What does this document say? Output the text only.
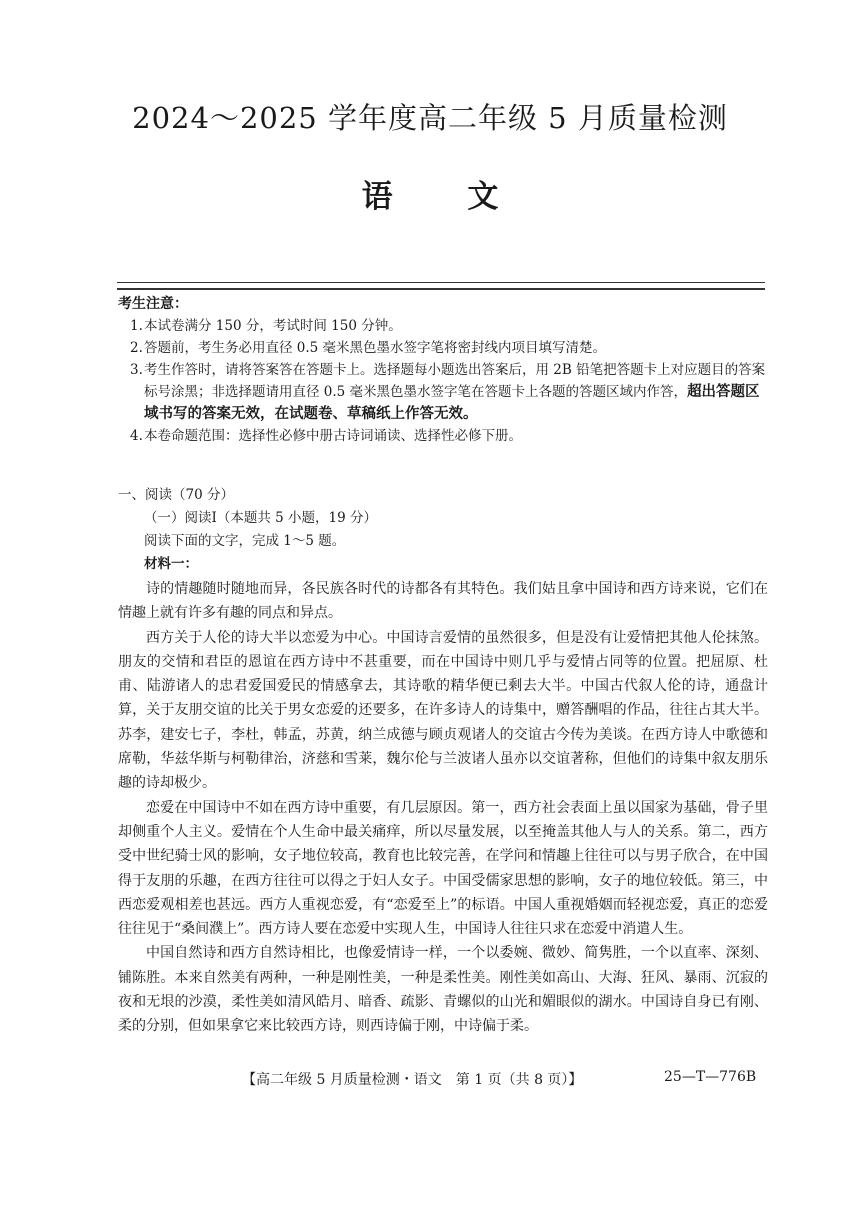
2024～2025 学年度高二年级 5 月质量检测
语 文
考生注意：

1.本试卷满分 150 分，考试时间 150 分钟。

2.答题前，考生务必用直径 0.5 毫米黑色墨水签字笔将密封线内项目填写清楚。

3.考生作答时，请将答案答在答题卡上。选择题每小题选出答案后，用 2B 铅笔把答题卡上对应题目的答案标号涂黑；非选择题请用直径 0.5 毫米黑色墨水签字笔在答题卡上各题的答题区域内作答，超出答题区域书写的答案无效，在试题卷、草稿纸上作答无效。

4.本卷命题范围：选择性必修中册古诗词诵读、选择性必修下册。

一、阅读（70 分）

（一）阅读Ⅰ（本题共 5 小题，19 分）

阅读下面的文字，完成 1～5 题。

材料一：

诗的情趣随时随地而异，各民族各时代的诗都各有其特色。我们姑且拿中国诗和西方诗来说，它们在情趣上就有许多有趣的同点和异点。

西方关于人伦的诗大半以恋爱为中心。中国诗言爱情的虽然很多，但是没有让爱情把其他人伦抹煞。朋友的交情和君臣的恩谊在西方诗中不甚重要，而在中国诗中则几乎与爱情占同等的位置。把屈原、杜甫、陆游诸人的忠君爱国爱民的情感拿去，其诗歌的精华便已剩去大半。中国古代叙人伦的诗，通盘计算，关于友朋交谊的比关于男女恋爱的还要多，在许多诗人的诗集中，赠答酬唱的作品，往往占其大半。苏李，建安七子，李杜，韩孟，苏黄，纳兰成德与顾贞观诸人的交谊古今传为美谈。在西方诗人中歌德和席勒，华兹华斯与柯勒律治，济慈和雪莱，魏尔伦与兰波诸人虽亦以交谊著称，但他们的诗集中叙友朋乐趣的诗却极少。

恋爱在中国诗中不如在西方诗中重要，有几层原因。第一，西方社会表面上虽以国家为基础，骨子里却侧重个人主义。爱情在个人生命中最关痛痒，所以尽量发展，以至掩盖其他人与人的关系。第二，西方受中世纪骑士风的影响，女子地位较高，教育也比较完善，在学问和情趣上往往可以与男子欣合，在中国得于友朋的乐趣，在西方往往可以得之于妇人女子。中国受儒家思想的影响，女子的地位较低。第三，中西恋爱观相差也甚远。西方人重视恋爱，有“恋爱至上”的标语。中国人重视婚姻而轻视恋爱，真正的恋爱往往见于“桑间濮上”。西方诗人要在恋爱中实现人生，中国诗人往往只求在恋爱中消遣人生。

中国自然诗和西方自然诗相比，也像爱情诗一样，一个以委婉、微妙、简隽胜，一个以直率、深刻、铺陈胜。本来自然美有两种，一种是刚性美，一种是柔性美。刚性美如高山、大海、狂风、暴雨、沉寂的夜和无垠的沙漠，柔性美如清风皓月、暗香、疏影、青螺似的山光和媚眼似的湖水。中国诗自身已有刚、柔的分别，但如果拿它来比较西方诗，则西诗偏于刚，中诗偏于柔。

【高二年级 5 月质量检测・语文　第 1 页（共 8 页）】	25—T—776B
